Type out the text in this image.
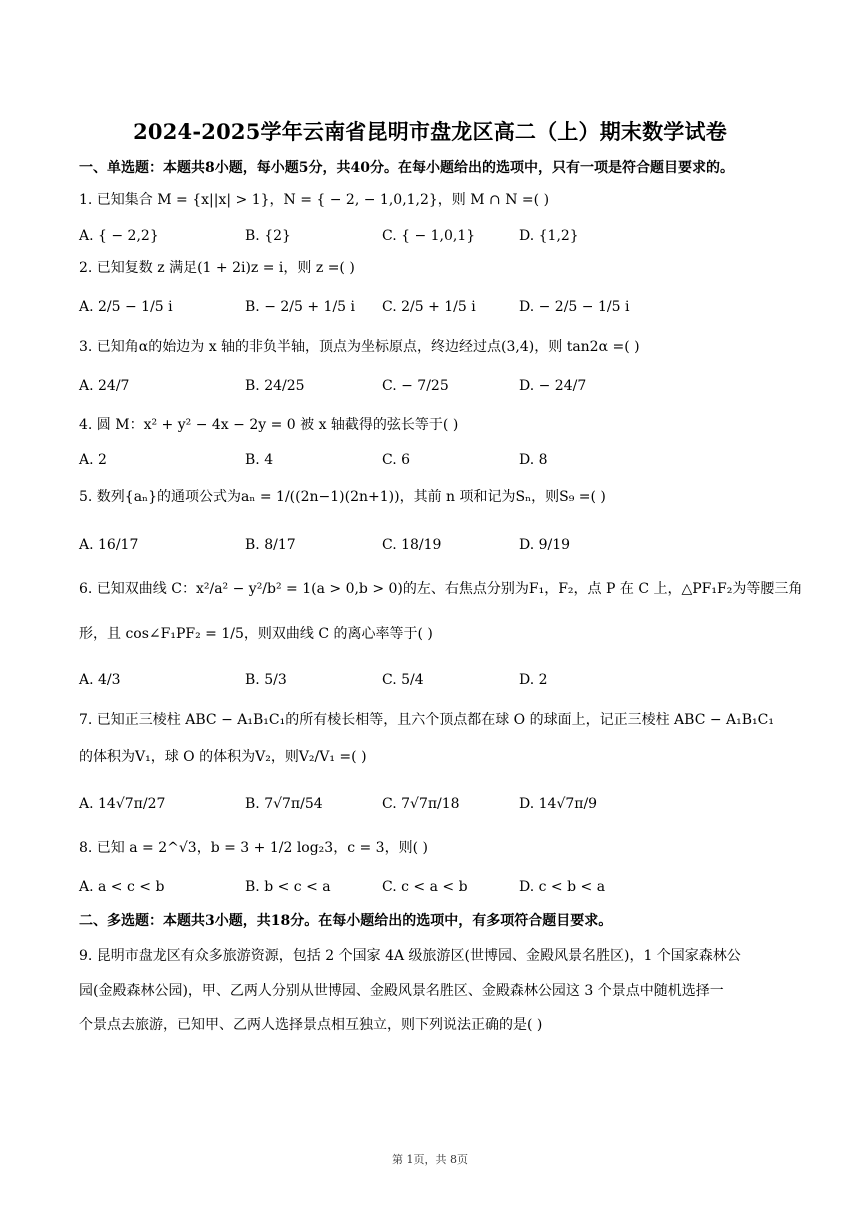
2024-2025学年云南省昆明市盘龙区高二（上）期末数学试卷
一、单选题：本题共8小题，每小题5分，共40分。在每小题给出的选项中，只有一项是符合题目要求的。
1. 已知集合 M = {x||x| > 1}，N = { − 2, − 1,0,1,2}，则 M ∩ N =( )
A. { − 2,2}	B. {2}	C. { − 1,0,1}	D. {1,2}
2. 已知复数 z 满足(1 + 2i)z = i，则 z =( )
A. 2/5 − 1/5 i	B. − 2/5 + 1/5 i C. 2/5 + 1/5 i	D. − 2/5 − 1/5 i
3. 已知角α的始边为 x 轴的非负半轴，顶点为坐标原点，终边经过点(3,4)，则 tan2α =( )
A. 24/7	B. 24/25	C. − 7/25	D. − 24/7
4. 圆 M：x² + y² − 4x − 2y = 0 被 x 轴截得的弦长等于( )
A. 2	B. 4	C. 6	D. 8
5. 数列{aₙ}的通项公式为aₙ = 1/((2n−1)(2n+1))，其前 n 项和记为Sₙ，则S₉ =( )
A. 16/17	B. 8/17	C. 18/19	D. 9/19
6. 已知双曲线 C：x²/a² − y²/b² = 1(a > 0,b > 0)的左、右焦点分别为F₁，F₂，点 P 在 C 上，△PF₁F₂为等腰三角
形，且 cos∠F₁PF₂ = 1/5，则双曲线 C 的离心率等于( )
A. 4/3	B. 5/3	C. 5/4	D. 2
7. 已知正三棱柱 ABC − A₁B₁C₁的所有棱长相等，且六个顶点都在球 O 的球面上，记正三棱柱 ABC − A₁B₁C₁
的体积为V₁，球 O 的体积为V₂，则V₂/V₁ =( )
A. 14√7π/27	B. 7√7π/54	C. 7√7π/18	D. 14√7π/9
8. 已知 a = 2^√3，b = 3 + 1/2 log₂3，c = 3，则( )
A. a < c < b	B. b < c < a	C. c < a < b	D. c < b < a
二、多选题：本题共3小题，共18分。在每小题给出的选项中，有多项符合题目要求。
9. 昆明市盘龙区有众多旅游资源，包括 2 个国家 4A 级旅游区(世博园、金殿风景名胜区)，1 个国家森林公
园(金殿森林公园)，甲、乙两人分别从世博园、金殿风景名胜区、金殿森林公园这 3 个景点中随机选择一
个景点去旅游，已知甲、乙两人选择景点相互独立，则下列说法正确的是( )
第 1页，共 8页
